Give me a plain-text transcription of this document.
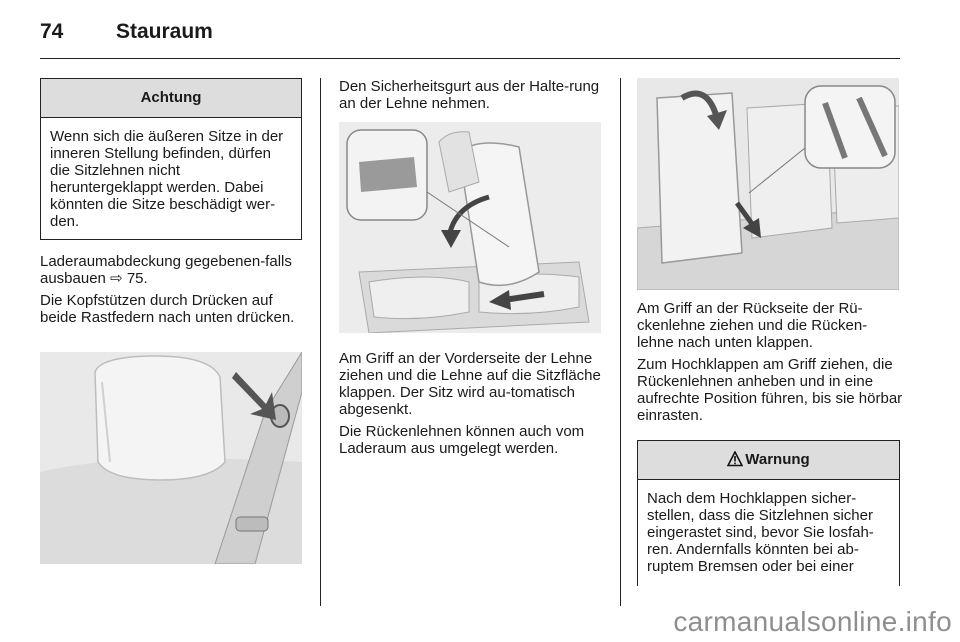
74	Stauraum
Achtung
Wenn sich die äußeren Sitze in der inneren Stellung befinden, dürfen die Sitzlehnen nicht heruntergeklappt werden. Dabei könnten die Sitze beschädigt wer-den.

Laderaumabdeckung gegebenen-falls ausbauen ⇨ 75.

Die Kopfstützen durch Drücken auf beide Rastfedern nach unten drücken.

Den Sicherheitsgurt aus der Halte-rung an der Lehne nehmen.

Am Griff an der Vorderseite der Lehne ziehen und die Lehne auf die Sitzfläche klappen. Der Sitz wird au-tomatisch abgesenkt.

Die Rückenlehnen können auch vom Laderaum aus umgelegt werden.

Am Griff an der Rückseite der Rü-ckenlehne ziehen und die Rücken-lehne nach unten klappen.

Zum Hochklappen am Griff ziehen, die Rückenlehnen anheben und in eine aufrechte Position führen, bis sie hörbar einrasten.

Warnung
Nach dem Hochklappen sicher-stellen, dass die Sitzlehnen sicher eingerastet sind, bevor Sie losfah-ren. Andernfalls könnten bei ab-ruptem Bremsen oder bei einer
carmanualsonline.info
